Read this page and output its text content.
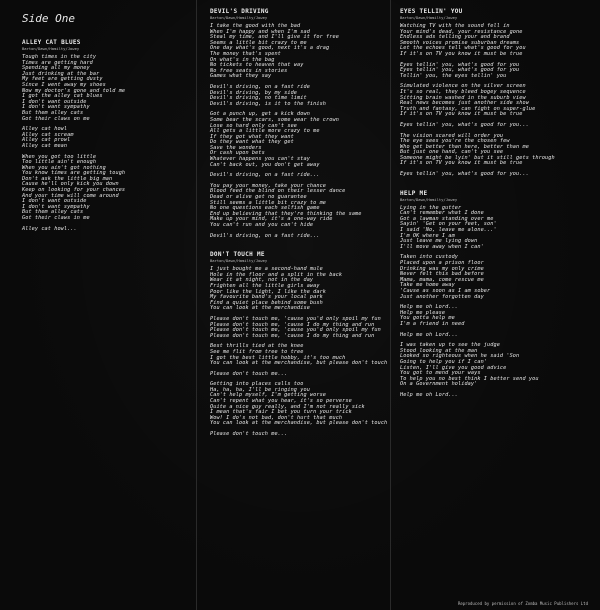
Side One
ALLEY CAT BLUES
Barton/Dawn/Hamilty/Jowey
Tough times in the city
Times are getting hard
Spending all my money
Just drinking at the bar
My feet are getting dusty
Since I went away my shoes
Now my doctor's gone and told me
I got the alley cat blues
I don't want outside
I don't want sympathy
But them alley cats
Got their claws on me
Alley cat howl
Alley cat scream
Alley cat prowl
Alley cat mean
When you got too little
Too little ain't enough
When you ain't got nothing
You know times are getting tough
Don't ask the little big man
Cause he'll only kick you down
Keep on looking for your chances
And your time will come around
I don't want outside
I don't want sympathy
But them alley cats
Got their claws in me
Alley cat howl...
DEVIL'S DRIVING
Barton/Dawn/Hamilty/Jowey
I take the good with the bad
When I'm happy and when I'm sad
Steal my time, and I'll give it for free
Seems a little bit crazy to me
One day what's good, next it's a drag
The money that's spent
On what's in the bag
No tickets to heaven that way
No free seats in stories
Games what they say
Devil's driving, on a fast ride
Devil's driving, by my side
Devil's driving, no time limit
Devil's driving, is it to the finish
Got a punch up, get a kick down
Some bear the scars, some wear the crown
Lose so hard only can't see
All gets a little more crazy to me
If they got what they want
Do they want what they get
Save the wonders
Or cash upon bets
Whatever happens you can't stay
Can't back out, you don't get away
Devil's driving, on a fast ride...
You pay your money, take your chance
Blood feed the blind on their lesser dance
Dead or alive get no guarantee
Still seems a little bit crazy to me
No one questions each selfish game
End up believing that they're thinking the same
Make up your mind, it's a one-way ride
You can't run and you can't hide
Devil's driving, on a fast ride...
DON'T TOUCH ME
Barton/Dawn/Hamilty/Jowey
I just bought me a second-hand mule
Hole in the floor and a split in the back
Wear it at night, not in the day
Frighten all the little girls away
Poor like the light, I like the dark
My favourite band's your local park
Find a quiet place behind some bush
You can look at the merchandise
Please don't touch me, 'cause you'd only spoil my fun
Please don't touch me, 'cause I do my thing and run
Please don't touch me, 'cause you'd only spoil my fun
Please don't touch me, 'cause I do my thing and run
Best thrills tied at the knee
See me flit from tree to tree
I got the best little hobby, it's too much
You can look at the merchandise, but please don't touch
Please don't touch me...
Getting into places calls too
Ha, ha, ha, I'll be ringing you
Can't help myself, I'm getting worse
Can't repent what you hear, it's so perverse
Quite a nice guy really, and I'm not really sick
I mean that's fair I bet you turn your trick
Wow! I do's not bad, don't hurt that much
You can look at the merchandise, but please don't touch
Please don't touch me...
EYES TELLIN' YOU
Barton/Dawn/Hamilty/Jowey
Watching TV with the sound fell in
Your mind's dead, your resistance gone
Endless ads telling your and brand
Smooth voices promise suburban dreams
Let the echoes tell what's good for you
If it's on TV you know it must be true
Eyes tellin' you, what's good for you
Eyes tellin' you, what's good for you
Tellin' you, the eyes tellin' you
Simulated violence on the silver screen
It's so real, they bleed bogey sequence
Sitting brain washed in the suburb view
Real news becomes just another side show
Truth and fantasy, can fight on super-glue
If it's on TV you know it must be true
Eyes tellin' you, what's good for you...
The vision scared will order you
The eye sees you're the chosen few
Who get better than here, better than me
But just one hand, can't you see
Someone might be lyin' but it still gets through
If it's on TV you know it must be true
Eyes tellin' you, what's good for you...
HELP ME
Barton/Dawn/Hamilty/Jowey
Lying in the gutter
Can't remember what I done
Got a lawman standing over me
Sayin' 'Get on your feet, son'
I said 'No, leave me alone...'
I'm OK where I am
Just leave me lying down
I'll move away when I can'
Taken into custody
Placed upon a prison floor
Drinking was my only crime
Never felt this bad before
Mama, mama, come rescue me
Take me home away
'Cause as soon as I am sober
Just another forgotten day
Help me oh Lord...
Help me please
You gotta help me
I'm a friend in need
Help me oh Lord...
I was taken up to see the judge
Stood looking at the man
Looked so righteous when he said 'Son
Going to help you if I can'
Listen, I'll give you good advice
You got to mend your ways
To help you no best think I better send you
On a Government holiday'
Help me oh Lord...
Reproduced by permission of Zomba Music Publishers Ltd
